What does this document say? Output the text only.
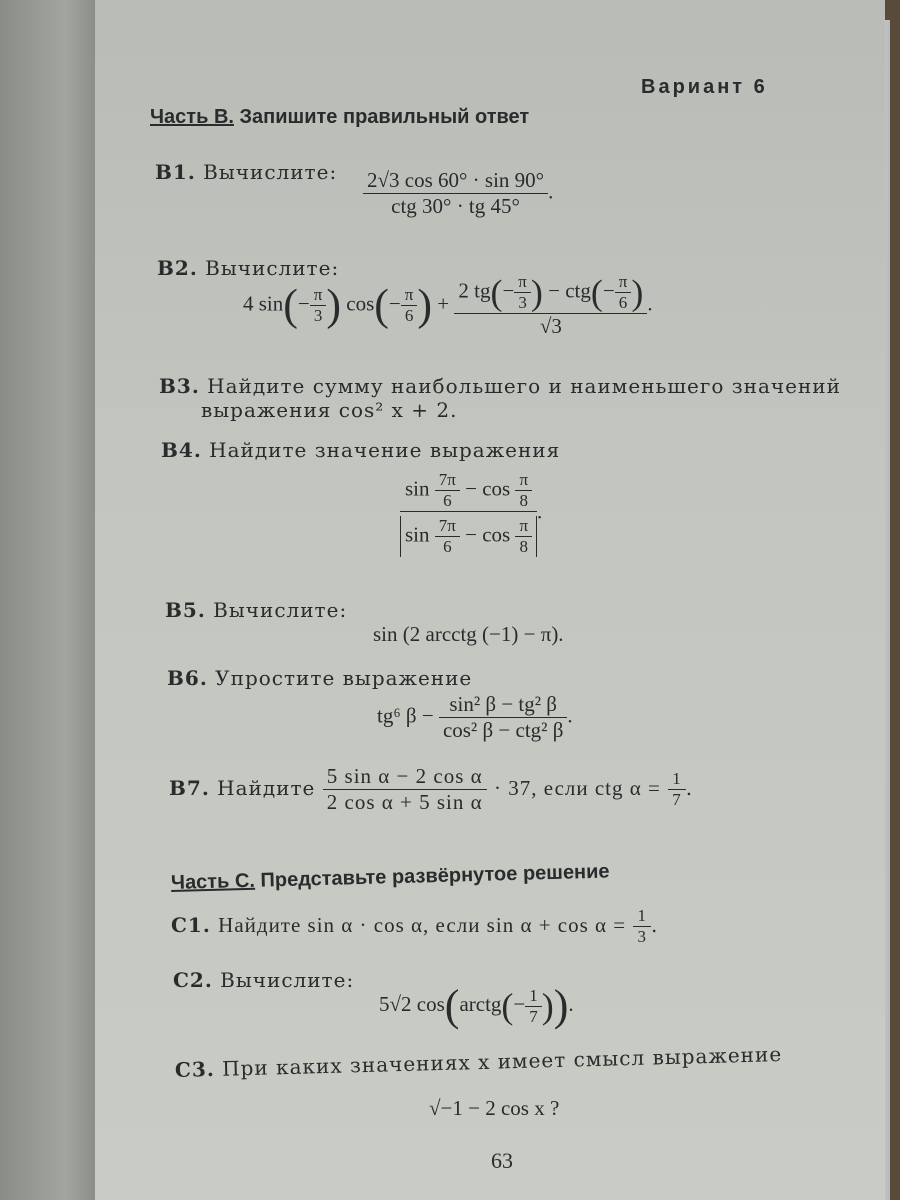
Вариант 6
Часть В. Запишите правильный ответ
B1. Вычислите: $\frac{2√3 \cos 60^\circ \cdot \sin 90^\circ}{\text{ctg 30° · tg 45°}}$ .
B2. Вычислите:
4 $\sin(- \frac{\pi}{3}$ ) $\cos(- \frac{\pi}{6}$ ) + $\frac{2 tg(- \frac{\pi}{3} ) - ctg(- \frac{\pi}{6} )}{√3}$ .
B3. Найдите сумму наибольшего и наименьшего значений
выражения cos² x + 2.
B4. Найдите значение выражения
$\frac{\sin \frac{7\pi}{6} - \cos \frac{\pi}{8}}{\sin \frac{7\pi}{6} - \cos \frac{\pi}{8}}$ .
B5. Вычислите:
sin (2 arcctg (−1) − π).
B6. Упростите выражение
tg⁶ $\beta - \frac{\text{sin² β − tg² β}}{\text{cos² β − ctg² β}}$ .
B7. Найдите $\frac{\text{5 sin α − 2 cos α}}{\text{2 cos α + 5 sin α}} \cdot 37$, если ctg $\alpha = \frac{1}{7}$ .
Часть С. Представьте развёрнутое решение
C1. Найдите sin α · cos α, если $\sin \alpha + \cos \alpha = \frac{1}{3}$ .
C2. Вычислите:
5√2 cos(arctg(− $\frac{1}{7}$ )).
C3. При каких значениях x имеет смысл выражение
√−1 − 2 cos x ?
63
